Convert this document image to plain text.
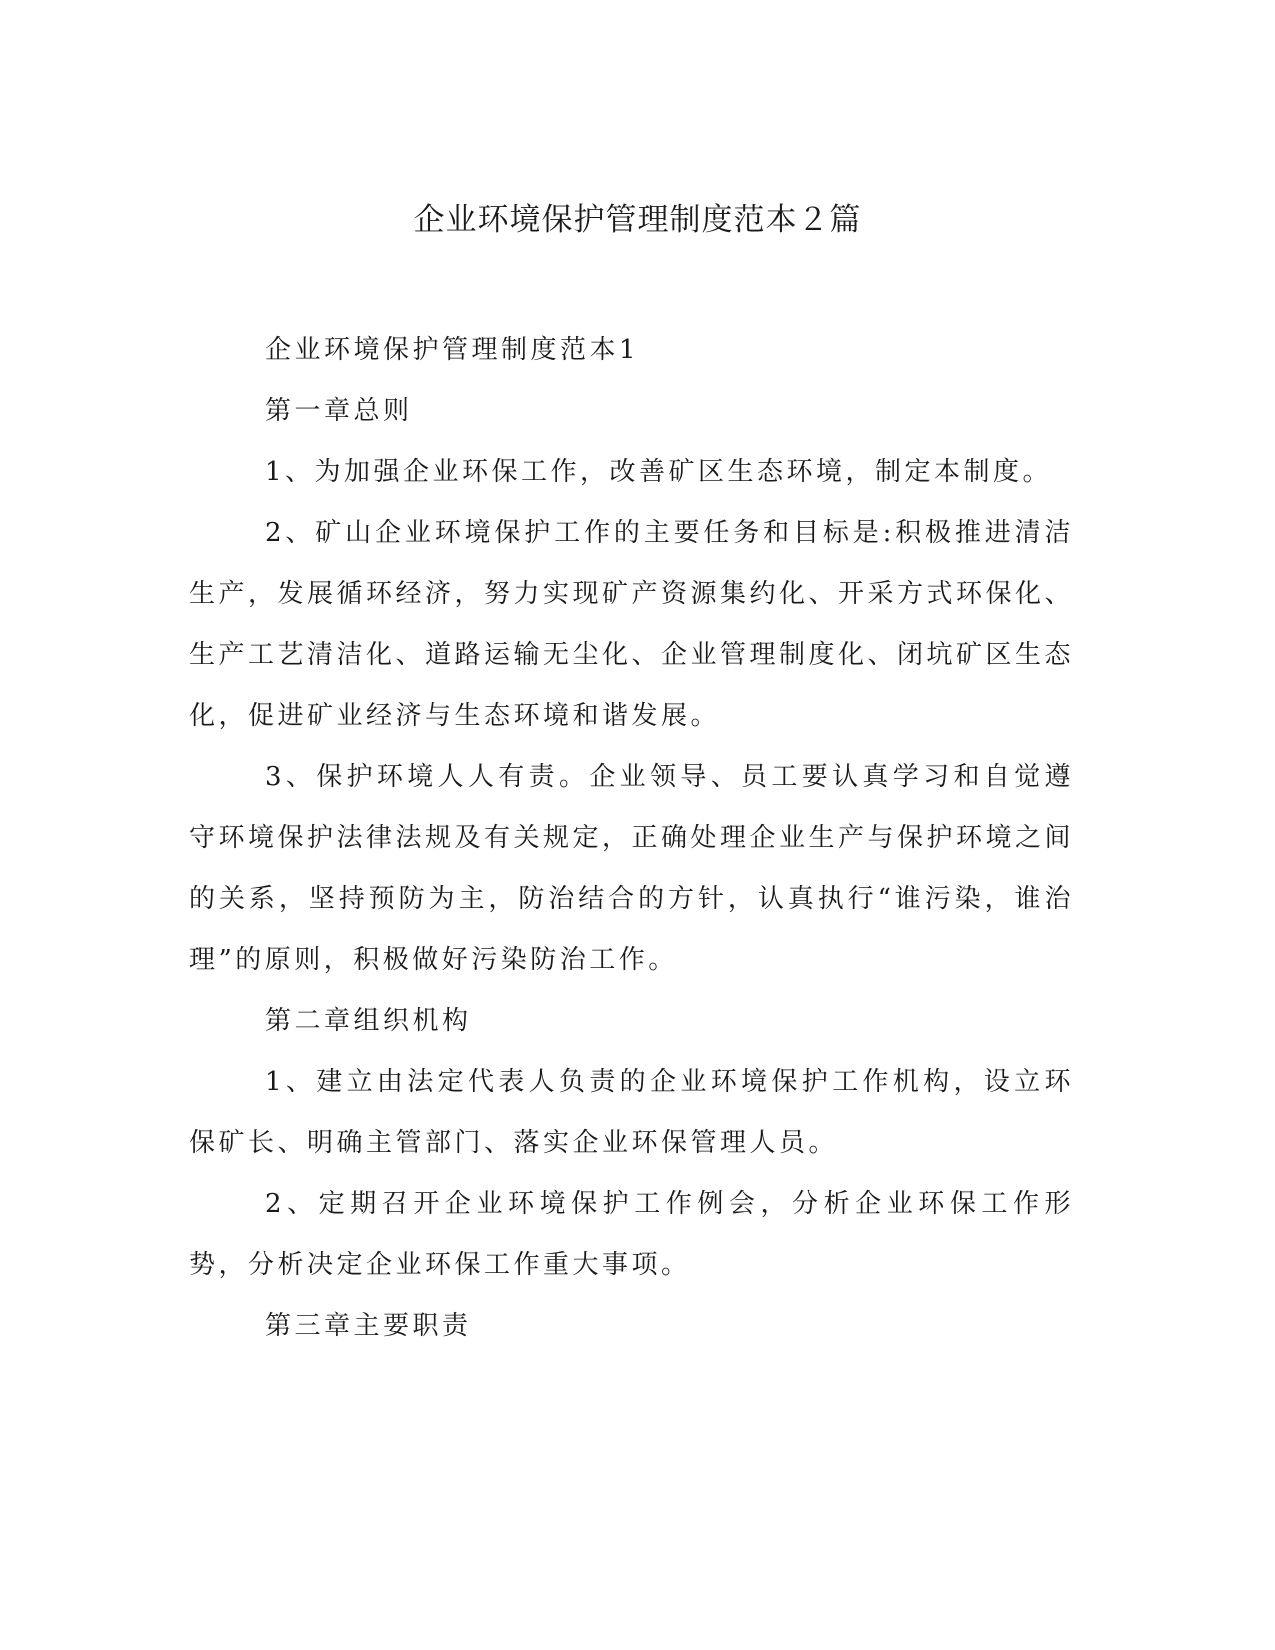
企业环境保护管理制度范本２篇

企业环境保护管理制度范本1

第一章总则

1、为加强企业环保工作，改善矿区生态环境，制定本制度。

2、矿山企业环境保护工作的主要任务和目标是:积极推进清洁生产，发展循环经济，努力实现矿产资源集约化、开采方式环保化、生产工艺清洁化、道路运输无尘化、企业管理制度化、闭坑矿区生态化，促进矿业经济与生态环境和谐发展。

3、保护环境人人有责。企业领导、员工要认真学习和自觉遵守环境保护法律法规及有关规定，正确处理企业生产与保护环境之间的关系，坚持预防为主，防治结合的方针，认真执行“谁污染，谁治理”的原则，积极做好污染防治工作。

第二章组织机构

1、建立由法定代表人负责的企业环境保护工作机构，设立环保矿长、明确主管部门、落实企业环保管理人员。

2、定期召开企业环境保护工作例会，分析企业环保工作形势，分析决定企业环保工作重大事项。

第三章主要职责
